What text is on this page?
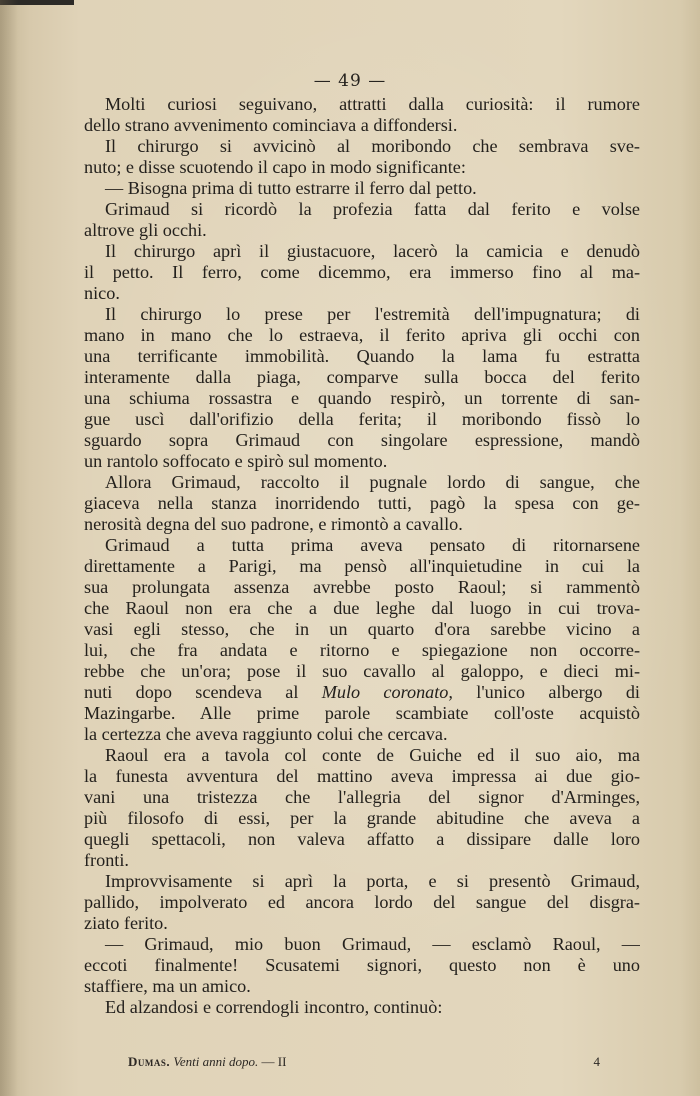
— 49 —
Molti curiosi seguivano, attratti dalla curiosità: il rumore
dello strano avvenimento cominciava a diffondersi.
Il chirurgo si avvicinò al moribondo che sembrava sve-
nuto; e disse scuotendo il capo in modo significante:
— Bisogna prima di tutto estrarre il ferro dal petto.
Grimaud si ricordò la profezia fatta dal ferito e volse
altrove gli occhi.
Il chirurgo aprì il giustacuore, lacerò la camicia e denudò
il petto. Il ferro, come dicemmo, era immerso fino al ma-
nico.
Il chirurgo lo prese per l'estremità dell'impugnatura; di
mano in mano che lo estraeva, il ferito apriva gli occhi con
una terrificante immobilità. Quando la lama fu estratta
interamente dalla piaga, comparve sulla bocca del ferito
una schiuma rossastra e quando respirò, un torrente di san-
gue uscì dall'orifizio della ferita; il moribondo fissò lo
sguardo sopra Grimaud con singolare espressione, mandò
un rantolo soffocato e spirò sul momento.
Allora Grimaud, raccolto il pugnale lordo di sangue, che
giaceva nella stanza inorridendo tutti, pagò la spesa con ge-
nerosità degna del suo padrone, e rimontò a cavallo.
Grimaud a tutta prima aveva pensato di ritornarsene
direttamente a Parigi, ma pensò all'inquietudine in cui la
sua prolungata assenza avrebbe posto Raoul; si rammentò
che Raoul non era che a due leghe dal luogo in cui trova-
vasi egli stesso, che in un quarto d'ora sarebbe vicino a
lui, che fra andata e ritorno e spiegazione non occorre-
rebbe che un'ora; pose il suo cavallo al galoppo, e dieci mi-
nuti dopo scendeva al Mulo coronato, l'unico albergo di
Mazingarbe. Alle prime parole scambiate coll'oste acquistò
la certezza che aveva raggiunto colui che cercava.
Raoul era a tavola col conte de Guiche ed il suo aio, ma
la funesta avventura del mattino aveva impressa ai due gio-
vani una tristezza che l'allegria del signor d'Arminges,
più filosofo di essi, per la grande abitudine che aveva a
quegli spettacoli, non valeva affatto a dissipare dalle loro
fronti.
Improvvisamente si aprì la porta, e si presentò Grimaud,
pallido, impolverato ed ancora lordo del sangue del disgra-
ziato ferito.
— Grimaud, mio buon Grimaud, — esclamò Raoul, —
eccoti finalmente! Scusatemi signori, questo non è uno
staffiere, ma un amico.
Ed alzandosi e correndogli incontro, continuò:
Dumas. Venti anni dopo. — II	4
